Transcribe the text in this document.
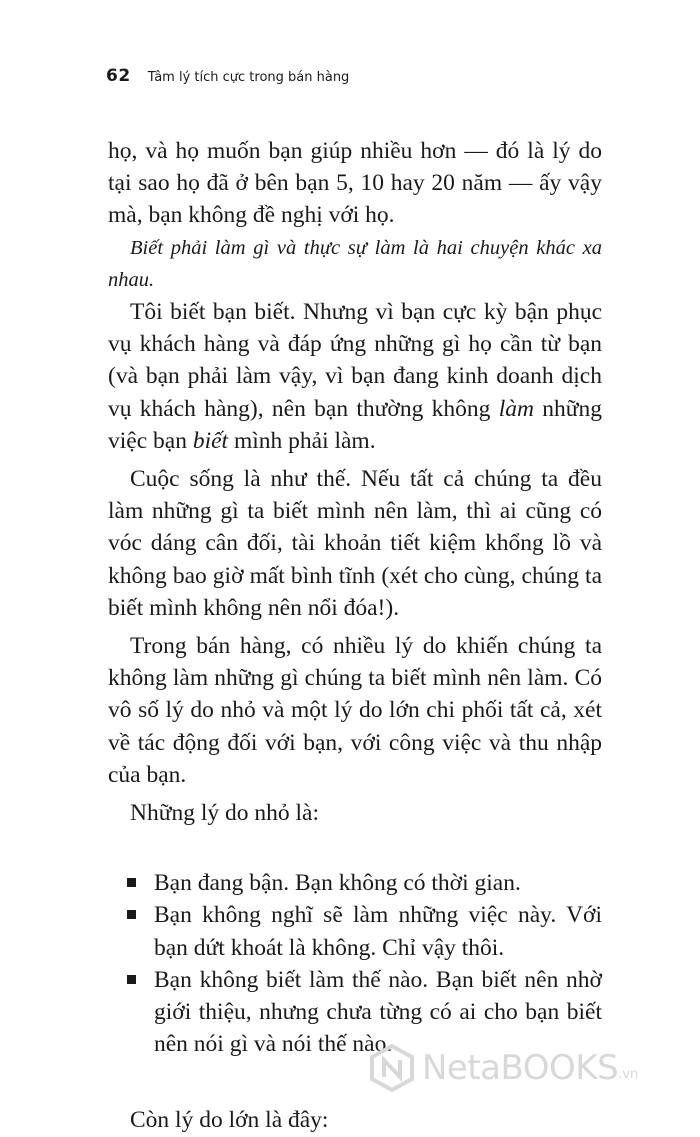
62 Tâm lý tích cực trong bán hàng

họ, và họ muốn bạn giúp nhiều hơn — đó là lý do tại sao họ đã ở bên bạn 5, 10 hay 20 năm — ấy vậy mà, bạn không đề nghị với họ.

Biết phải làm gì và thực sự làm là hai chuyện khác xa nhau.

Tôi biết bạn biết. Nhưng vì bạn cực kỳ bận phục vụ khách hàng và đáp ứng những gì họ cần từ bạn (và bạn phải làm vậy, vì bạn đang kinh doanh dịch vụ khách hàng), nên bạn thường không làm những việc bạn biết mình phải làm.

Cuộc sống là như thế. Nếu tất cả chúng ta đều làm những gì ta biết mình nên làm, thì ai cũng có vóc dáng cân đối, tài khoản tiết kiệm khổng lồ và không bao giờ mất bình tĩnh (xét cho cùng, chúng ta biết mình không nên nổi đóa!).

Trong bán hàng, có nhiều lý do khiến chúng ta không làm những gì chúng ta biết mình nên làm. Có vô số lý do nhỏ và một lý do lớn chi phối tất cả, xét về tác động đối với bạn, với công việc và thu nhập của bạn.

Những lý do nhỏ là:

Bạn đang bận. Bạn không có thời gian.
Bạn không nghĩ sẽ làm những việc này. Với bạn dứt khoát là không. Chỉ vậy thôi.
Bạn không biết làm thế nào. Bạn biết nên nhờ giới thiệu, nhưng chưa từng có ai cho bạn biết nên nói gì và nói thế nào.

Còn lý do lớn là đây:

NetaBOOKS .vn
